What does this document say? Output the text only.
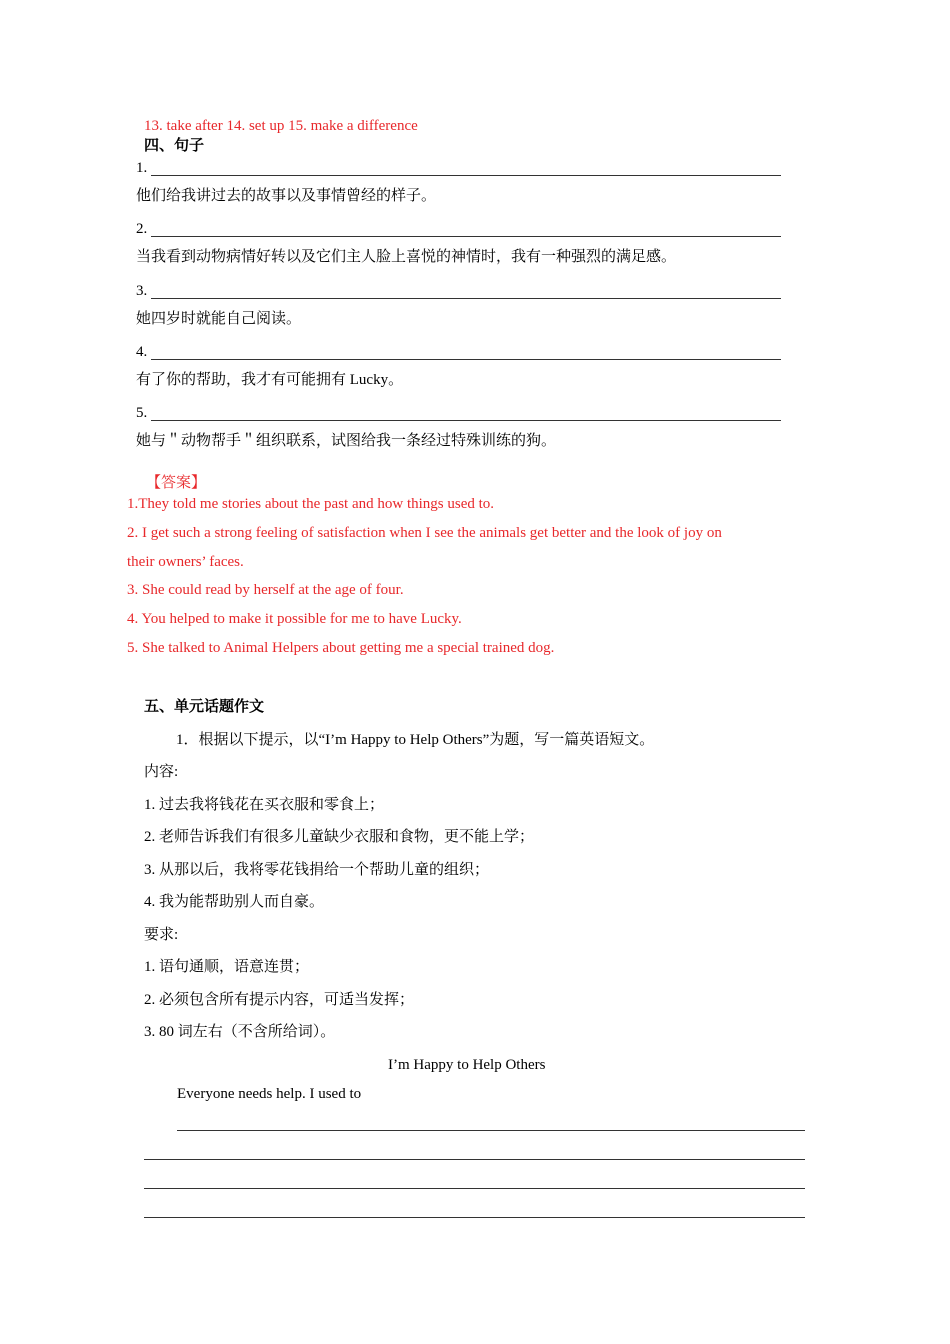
13. take after 14. set up 15. make a difference
四、句子
1.
他们给我讲过去的故事以及事情曾经的样子。
2.
当我看到动物病情好转以及它们主人脸上喜悦的神情时，我有一种强烈的满足感。
3.
她四岁时就能自己阅读。
4.
有了你的帮助，我才有可能拥有 Lucky。
5.
她与＂动物帮手＂组织联系，试图给我一条经过特殊训练的狗。
【答案】
1.They told me stories about the past and how things used to.
2. I get such a strong feeling of satisfaction when I see the animals get better and the look of joy on
their owners’ faces.
3. She could read by herself at the age of four.
4. You helped to make it possible for me to have Lucky.
5. She talked to Animal Helpers about getting me a special trained dog.
五、单元话题作文
1．根据以下提示，以“I’m Happy to Help Others”为题，写一篇英语短文。
内容:
1. 过去我将钱花在买衣服和零食上；
2. 老师告诉我们有很多儿童缺少衣服和食物，更不能上学；
3. 从那以后，我将零花钱捐给一个帮助儿童的组织；
4. 我为能帮助别人而自豪。
要求:
1. 语句通顺，语意连贯；
2. 必须包含所有提示内容，可适当发挥；
3. 80 词左右（不含所给词）。
I’m Happy to Help Others
Everyone needs help. I used to
